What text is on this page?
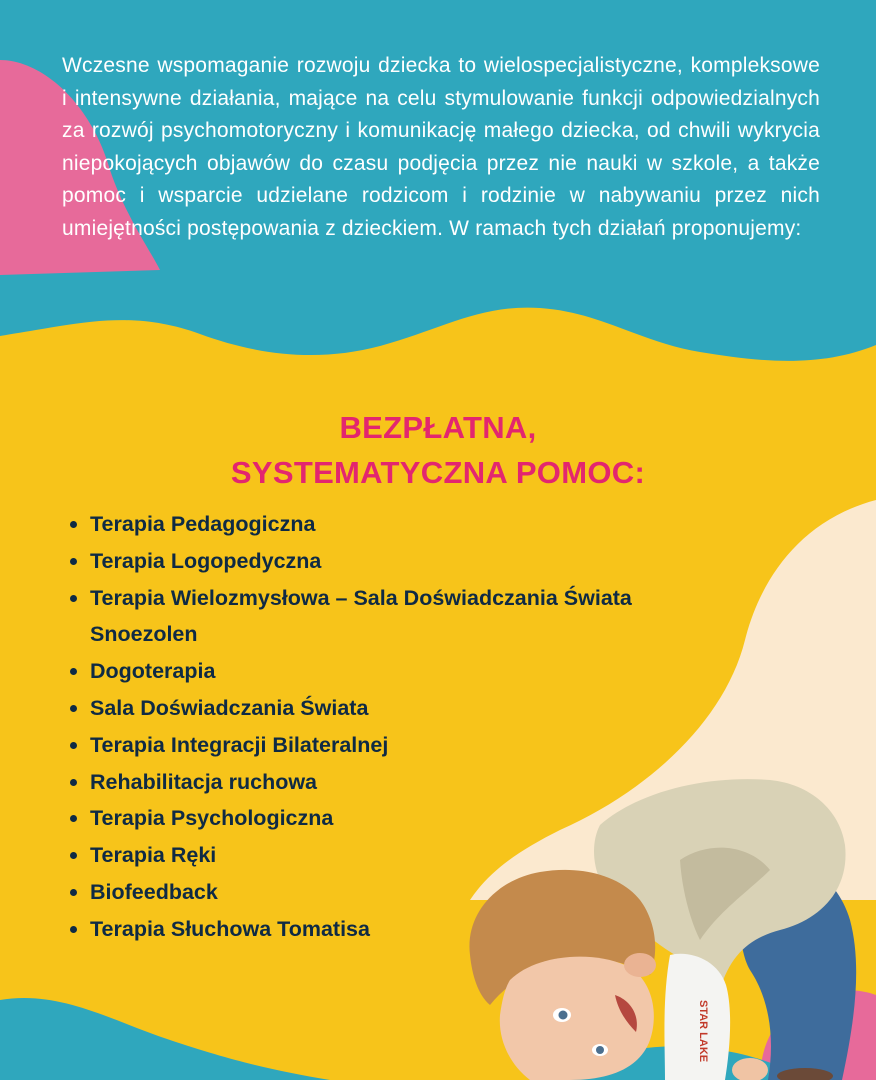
Wczesne wspomaganie rozwoju dziecka to wielospecjalistyczne, kompleksowe i intensywne działania, mające na celu stymulowanie funkcji odpowiedzialnych za rozwój psychomotoryczny i komunikację małego dziecka, od chwili wykrycia niepokojących objawów do czasu podjęcia przez nie nauki w szkole, a także pomoc i wsparcie udzielane rodzicom i rodzinie w nabywaniu przez nich umiejętności postępowania z dzieckiem. W ramach tych działań proponujemy:
BEZPŁATNA,
SYSTEMATYCZNA POMOC:
Terapia Pedagogiczna
Terapia Logopedyczna
Terapia Wielozmysłowa – Sala Doświadczania Świata Snoezolen
Dogoterapia
Sala Doświadczania Świata
Terapia Integracji Bilateralnej
Rehabilitacja ruchowa
Terapia Psychologiczna
Terapia Ręki
Biofeedback
Terapia Słuchowa Tomatisa
STAR LAKE
